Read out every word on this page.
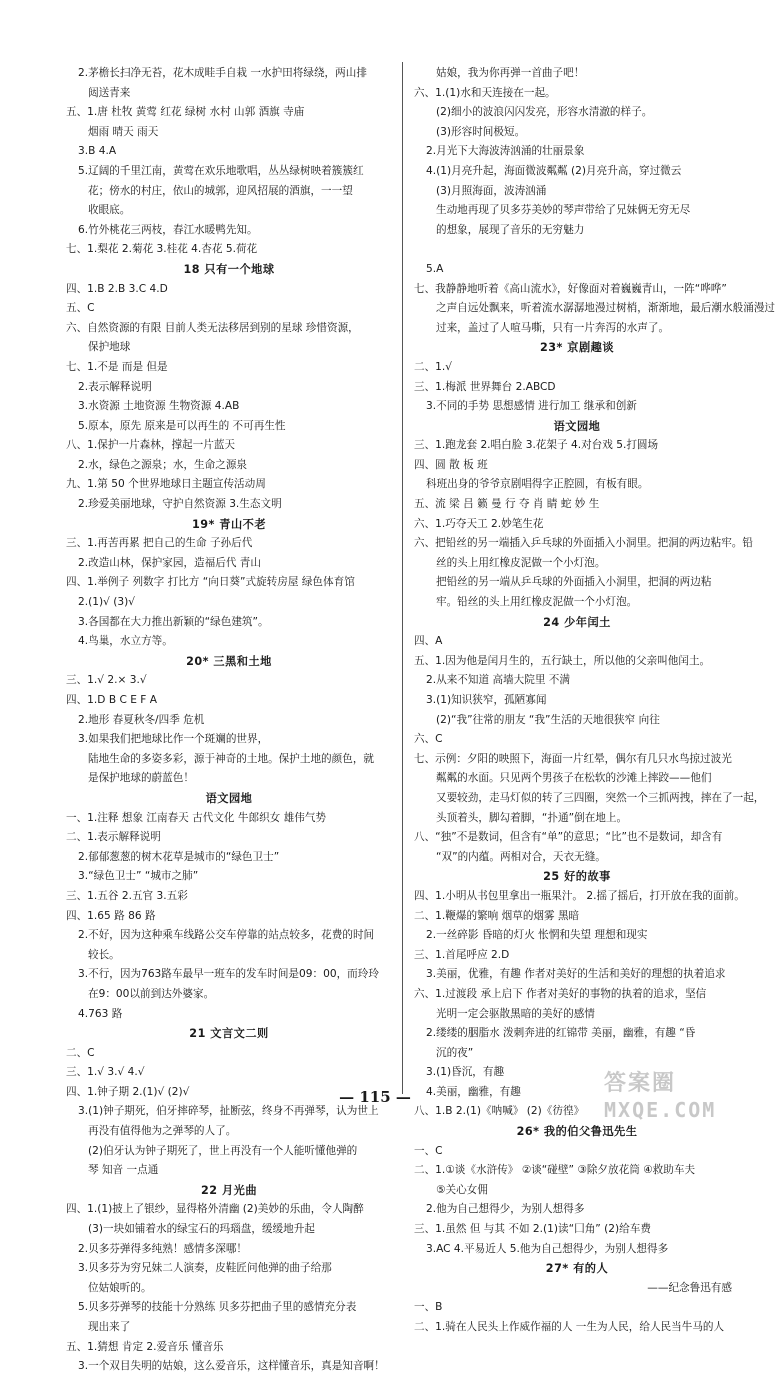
2.茅檐长扫净无苔，花木成畦手自栽 一水护田将绿绕，两山排
闼送青来
五、1.唐 杜牧 黄莺 红花 绿树 水村 山郭 酒旗 寺庙
烟雨 晴天 雨天
3.B 4.A
5.辽阔的千里江南，黄莺在欢乐地歌唱，丛丛绿树映着簇簇红
花；傍水的村庄，依山的城郭，迎风招展的酒旗，一一望
收眼底。
6.竹外桃花三两枝，春江水暖鸭先知。
七、1.梨花 2.菊花 3.桂花 4.杏花 5.荷花
18 只有一个地球
四、1.B 2.B 3.C 4.D
五、C
六、自然资源的有限 目前人类无法移居到别的星球 珍惜资源，
保护地球
七、1.不是 而是 但是
2.表示解释说明
3.水资源 土地资源 生物资源 4.AB
5.原本，原先 原来是可以再生的 不可再生性
八、1.保护一片森林，撑起一片蓝天
2.水，绿色之源泉；水，生命之源泉
九、1.第 50 个世界地球日主题宣传活动周
2.珍爱美丽地球，守护自然资源 3.生态文明
19* 青山不老
三、1.再苦再累 把自己的生命 子孙后代
2.改造山林，保护家园，造福后代 青山
四、1.举例子 列数字 打比方 “向日葵”式旋转房屋 绿色体育馆
2.(1)√ (3)√
3.各国都在大力推出新颖的“绿色建筑”。
4.鸟巢，水立方等。
20* 三黑和土地
三、1.√ 2.× 3.√
四、1.D B C E F A
2.地形 春夏秋冬/四季 危机
3.如果我们把地球比作一个斑斓的世界，
陆地生命的多姿多彩，源于神奇的土地。保护土地的颜色，就
是保护地球的蔚蓝色！
语文园地
一、1.注释 想象 江南春天 古代文化 牛郎织女 雄伟气势
二、1.表示解释说明
2.郁郁葱葱的树木花草是城市的“绿色卫士”
3.“绿色卫士” “城市之肺”
三、1.五谷 2.五官 3.五彩
四、1.65 路 86 路
2.不好，因为这种乘车线路公交车停靠的站点较多，花费的时间
较长。
3.不行，因为763路车最早一班车的发车时间是09：00，而玲玲
在9：00以前到达外婆家。
4.763 路
21 文言文二则
二、C
三、1.√ 3.√ 4.√
四、1.钟子期 2.(1)√ (2)√
3.(1)钟子期死，伯牙摔碎琴，扯断弦，终身不再弹琴，认为世上
再没有值得他为之弹琴的人了。
(2)伯牙认为钟子期死了，世上再没有一个人能听懂他弹的
琴 知音 一点通
22 月光曲
四、1.(1)披上了银纱，显得格外清幽 (2)美妙的乐曲，令人陶醉
(3)一块如铺着水的绿宝石的玛瑙盘，缓缓地升起
2.贝多芬弹得多纯熟！感情多深哪！
3.贝多芬为穷兄妹二人演奏，皮鞋匠问他弹的曲子给那
位姑娘听的。
5.贝多芬弹琴的技能十分熟练 贝多芬把曲子里的感情充分表
现出来了
五、1.猜想 肯定 2.爱音乐 懂音乐
3.一个双目失明的姑娘，这么爱音乐，这样懂音乐，真是知音啊！
姑娘，我为你再弹一首曲子吧！
六、1.(1)水和天连接在一起。
(2)细小的波浪闪闪发亮，形容水清澈的样子。
(3)形容时间极短。
2.月光下大海波涛汹涌的壮丽景象
4.(1)月亮升起，海面微波粼粼 (2)月亮升高，穿过微云
(3)月照海面，波涛汹涌
生动地再现了贝多芬美妙的琴声带给了兄妹俩无穷无尽
的想象，展现了音乐的无穷魅力

5.A
七、我静静地听着《高山流水》，好像面对着巍巍青山，一阵“哗哗”
之声自远处飘来，听着流水潺潺地漫过树梢，渐渐地，最后潮水般涌漫过
过来，盖过了人喧马嘶，只有一片奔泻的水声了。
23* 京剧趣谈
二、1.√
三、1.梅派 世界舞台 2.ABCD
3.不同的手势 思想感情 进行加工 继承和创新
语文园地
三、1.跑龙套 2.唱白脸 3.花架子 4.对台戏 5.打圆场
四、圆 散 板 班
科班出身的爷爷京剧唱得字正腔圆，有板有眼。
五、流 梁 吕 籁 曼 行 夺 肖 睛 蛇 妙 生
六、1.巧夺天工 2.妙笔生花
六、把铅丝的另一端插入乒乓球的外面插入小洞里。把洞的两边粘牢。铅
丝的头上用红橡皮泥做一个小灯泡。
把铅丝的另一端从乒乓球的外面插入小洞里，把洞的两边粘
牢。铅丝的头上用红橡皮泥做一个小灯泡。
24 少年闰土
四、A
五、1.因为他是闰月生的，五行缺土，所以他的父亲叫他闰土。
2.从来不知道 高墙大院里 不满
3.(1)知识狭窄，孤陋寡闻
(2)“我”往常的朋友 “我”生活的天地很狭窄 向往
六、C
七、示例：夕阳的映照下，海面一片红晕，偶尔有几只水鸟掠过波光
粼粼的水面。只见两个男孩子在松软的沙滩上摔跤——他们
又要较劲，走马灯似的转了三四圈，突然一个三抓两拽，摔在了一起，
头顶着头，脚勾着脚，“扑通”倒在地上。
八、“独”不是数词，但含有“单”的意思；“比”也不是数词，却含有
“双”的内蕴。两相对合，天衣无缝。
25 好的故事
四、1.小明从书包里拿出一瓶果汁。 2.摇了摇后，打开放在我的面前。
二、1.鞭爆的繁响 烟草的烟雾 黑暗
2.一丝碎影 昏暗的灯火 怅惘和失望 理想和现实
三、1.首尾呼应 2.D
3.美丽，优雅，有趣 作者对美好的生活和美好的理想的执着追求
六、1.过渡段 承上启下 作者对美好的事物的执着的追求，坚信
光明一定会驱散黑暗的美好的感情
2.缕缕的胭脂水 泼刺奔进的红锦带 美丽，幽雅，有趣 “昏
沉的夜”
3.(1)昏沉，有趣
4.美丽，幽雅，有趣
八、1.B 2.(1)《呐喊》 (2)《彷徨》
26* 我的伯父鲁迅先生
一、C
二、1.①谈《水浒传》 ②谈“碰壁” ③除夕放花筒 ④救助车夫
⑤关心女佣
2.他为自己想得少，为别人想得多
三、1.虽然 但 与其 不如 2.(1)读“囗角” (2)给车费
3.AC 4.平易近人 5.他为自己想得少，为别人想得多
27* 有的人
——纪念鲁迅有感
一、B
二、1.骑在人民头上作威作福的人 一生为人民，给人民当牛马的人
— 115 —
答案圈
MXQE.COM
